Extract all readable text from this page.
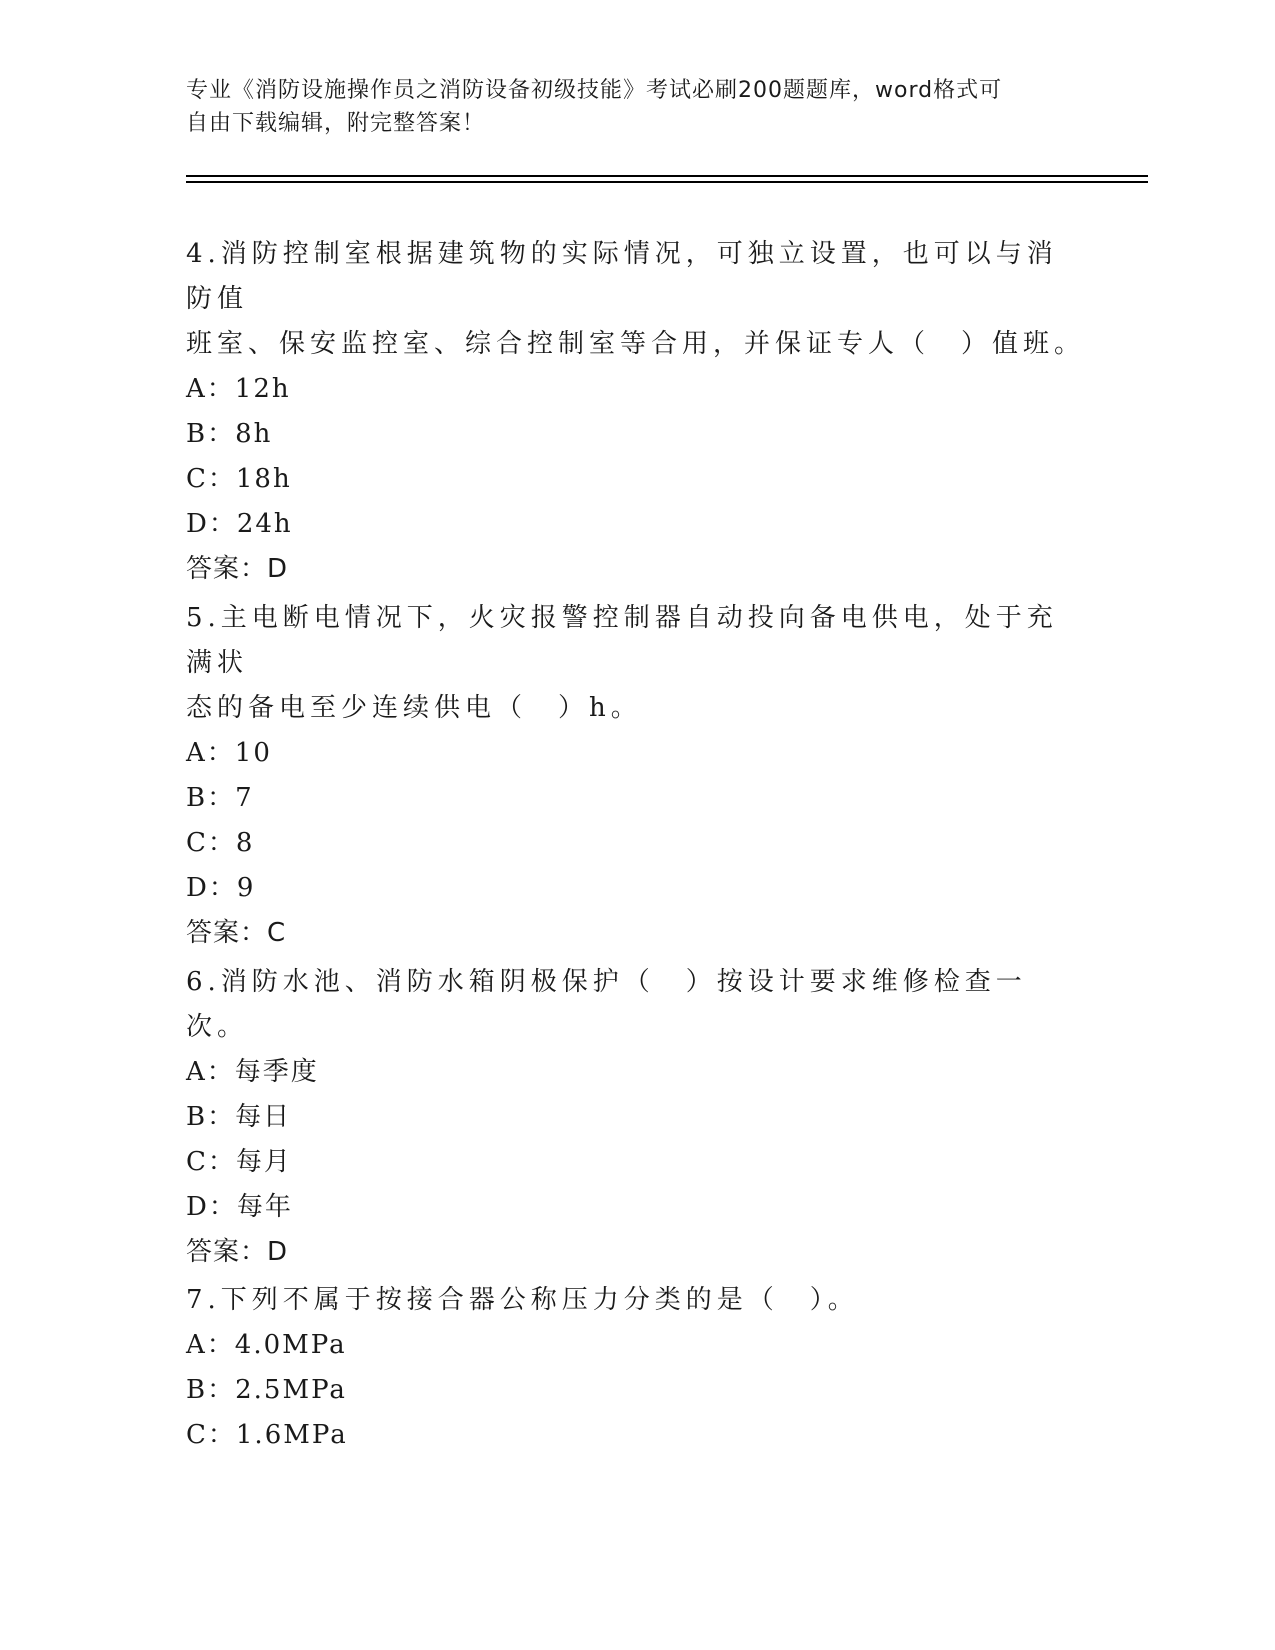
专业《消防设施操作员之消防设备初级技能》考试必刷200题题库，word格式可
自由下载编辑，附完整答案！

4.消防控制室根据建筑物的实际情况，可独立设置，也可以与消防值

班室、保安监控室、综合控制室等合用，并保证专人（　）值班。

A：12h

B：8h

C：18h

D：24h

答案：D

5.主电断电情况下，火灾报警控制器自动投向备电供电，处于充满状

态的备电至少连续供电（　）h。

A：10

B：7

C：8

D：9

答案：C

6.消防水池、消防水箱阴极保护（　）按设计要求维修检查一次。

A：每季度

B：每日

C：每月

D：每年

答案：D

7.下列不属于按接合器公称压力分类的是（　）。

A：4.0MPa

B：2.5MPa

C：1.6MPa
